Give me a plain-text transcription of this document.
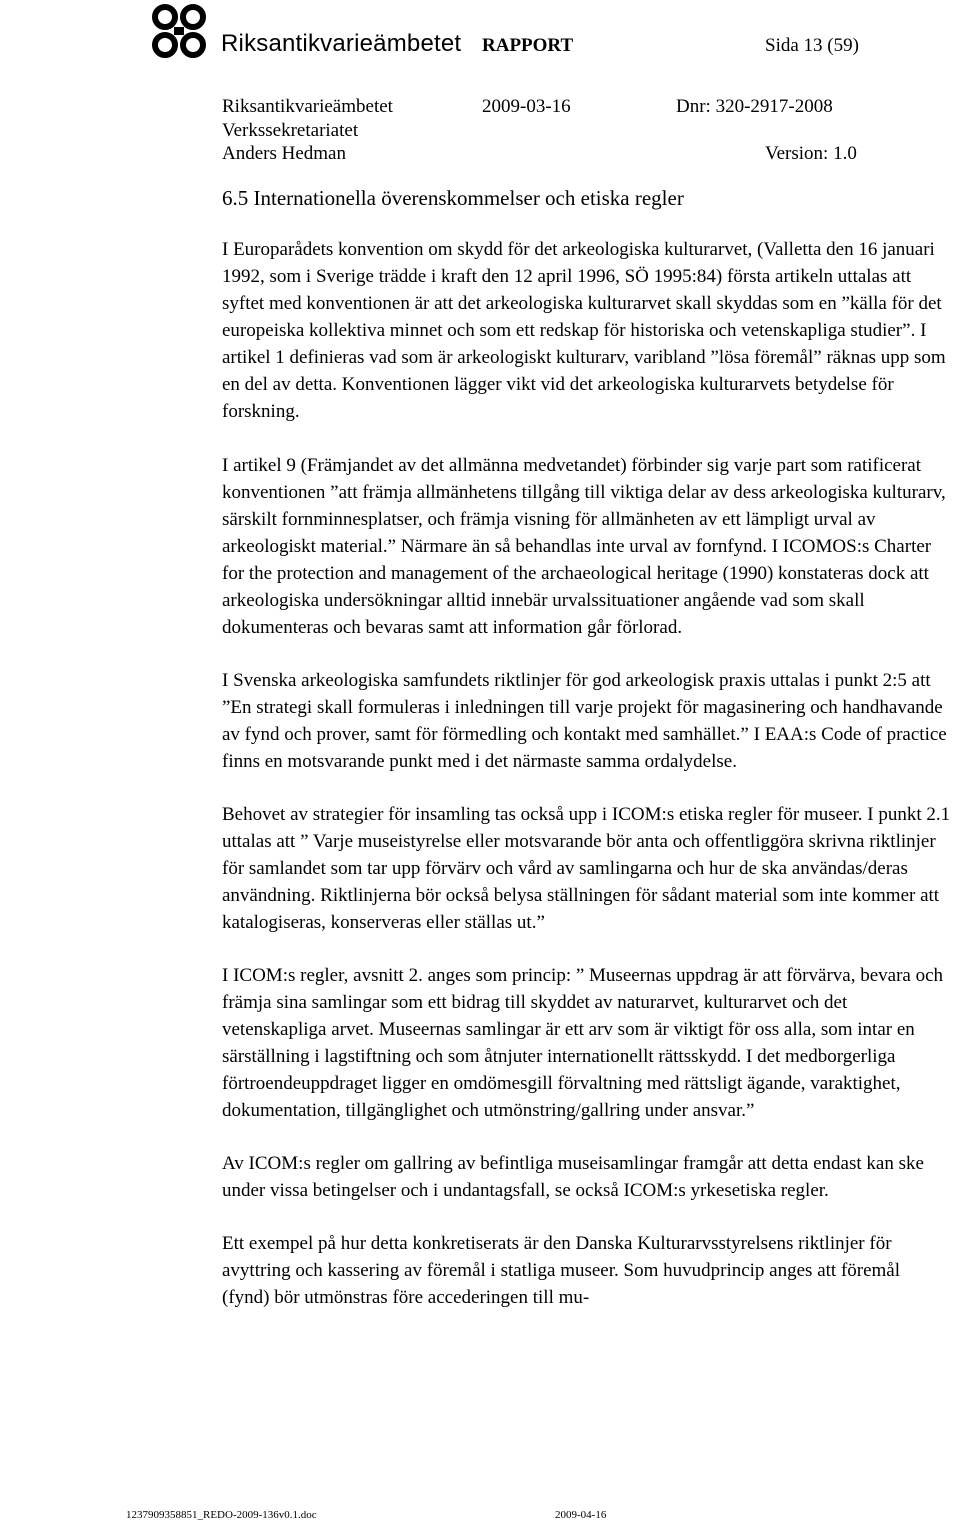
Riksantikvarieämbetet RAPPORT	Sida 13 (59)
Riksantikvarieämbetet	2009-03-16	Dnr: 320-2917-2008
Verkssekretariatet
Anders Hedman	Version: 1.0
6.5 Internationella överenskommelser och etiska regler

I Europarådets konvention om skydd för det arkeologiska kulturarvet, (Valletta den 16 januari 1992, som i Sverige trädde i kraft den 12 april 1996, SÖ 1995:84) första artikeln uttalas att syftet med konventionen är att det arkeologiska kulturarvet skall skyddas som en ”källa för det europeiska kollektiva minnet och som ett redskap för historiska och vetenskapliga studier”. I artikel 1 definieras vad som är arkeologiskt kulturarv, varibland ”lösa föremål” räknas upp som en del av detta. Konventionen lägger vikt vid det arkeologiska kulturarvets betydelse för forskning.

I artikel 9 (Främjandet av det allmänna medvetandet) förbinder sig varje part som ratificerat konventionen ”att främja allmänhetens tillgång till viktiga delar av dess arkeologiska kulturarv, särskilt fornminnesplatser, och främja visning för allmänheten av ett lämpligt urval av arkeologiskt material.” Närmare än så behandlas inte urval av fornfynd. I ICOMOS:s Charter for the protection and management of the archaeological heritage (1990) konstateras dock att arkeologiska undersökningar alltid innebär urvalssituationer angående vad som skall dokumenteras och bevaras samt att information går förlorad.

I Svenska arkeologiska samfundets riktlinjer för god arkeologisk praxis uttalas i punkt 2:5 att ”En strategi skall formuleras i inledningen till varje projekt för magasinering och handhavande av fynd och prover, samt för förmedling och kontakt med samhället.” I EAA:s Code of practice finns en motsvarande punkt med i det närmaste samma ordalydelse.

Behovet av strategier för insamling tas också upp i ICOM:s etiska regler för museer. I punkt 2.1 uttalas att ” Varje museistyrelse eller motsvarande bör anta och offentliggöra skrivna riktlinjer för samlandet som tar upp förvärv och vård av samlingarna och hur de ska användas/deras användning. Riktlinjerna bör också belysa ställningen för sådant material som inte kommer att katalogiseras, konserveras eller ställas ut.”

I ICOM:s regler, avsnitt 2. anges som princip: ” Museernas uppdrag är att förvärva, bevara och främja sina samlingar som ett bidrag till skyddet av naturarvet, kulturarvet och det vetenskapliga arvet. Museernas samlingar är ett arv som är viktigt för oss alla, som intar en särställning i lagstiftning och som åtnjuter internationellt rättsskydd. I det medborgerliga förtroendeuppdraget ligger en omdömesgill förvaltning med rättsligt ägande, varaktighet, dokumentation, tillgänglighet och utmönstring/gallring under ansvar.”

Av ICOM:s regler om gallring av befintliga museisamlingar framgår att detta endast kan ske under vissa betingelser och i undantagsfall, se också ICOM:s yrkesetiska regler.

Ett exempel på hur detta konkretiserats är den Danska Kulturarvsstyrelsens riktlinjer för avyttring och kassering av föremål i statliga museer. Som huvudprincip anges att föremål (fynd) bör utmönstras före accederingen till mu-

1237909358851_REDO-2009-136v0.1.doc	2009-04-16
